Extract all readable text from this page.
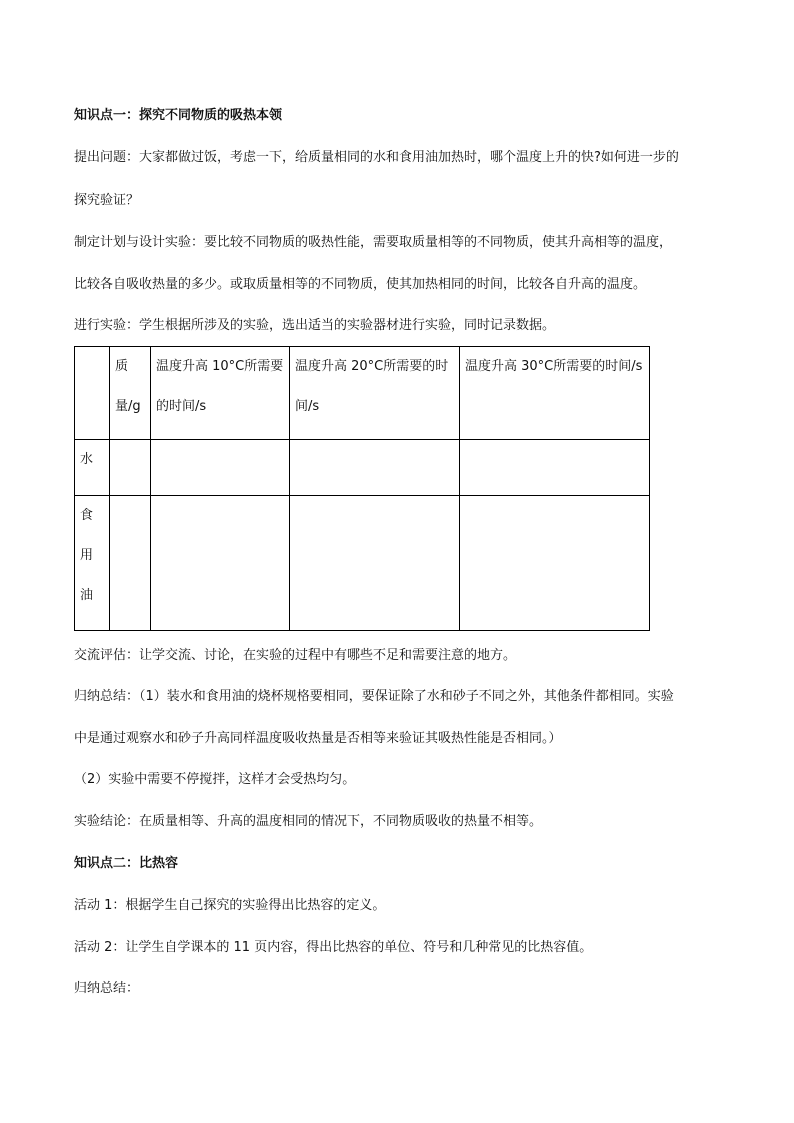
知识点一：探究不同物质的吸热本领
提出问题：大家都做过饭，考虑一下，给质量相同的水和食用油加热时，哪个温度上升的快?如何进一步的
探究验证？
制定计划与设计实验：要比较不同物质的吸热性能，需要取质量相等的不同物质，使其升高相等的温度，
比较各自吸收热量的多少。或取质量相等的不同物质，使其加热相同的时间，比较各自升高的温度。
进行实验：学生根据所涉及的实验，选出适当的实验器材进行实验，同时记录数据。
	质量/g	温度升高 10°C所需要的时间/s	温度升高 20°C所需要的时间/s	温度升高 30°C所需要的时间/s
水				
食用油				
交流评估：让学交流、讨论，在实验的过程中有哪些不足和需要注意的地方。
归纳总结：（1）装水和食用油的烧杯规格要相同，要保证除了水和砂子不同之外，其他条件都相同。实验
中是通过观察水和砂子升高同样温度吸收热量是否相等来验证其吸热性能是否相同。）
（2）实验中需要不停搅拌，这样才会受热均匀。
实验结论：在质量相等、升高的温度相同的情况下，不同物质吸收的热量不相等。
知识点二：比热容
活动 1：根据学生自己探究的实验得出比热容的定义。
活动 2：让学生自学课本的 11 页内容，得出比热容的单位、符号和几种常见的比热容值。
归纳总结：
